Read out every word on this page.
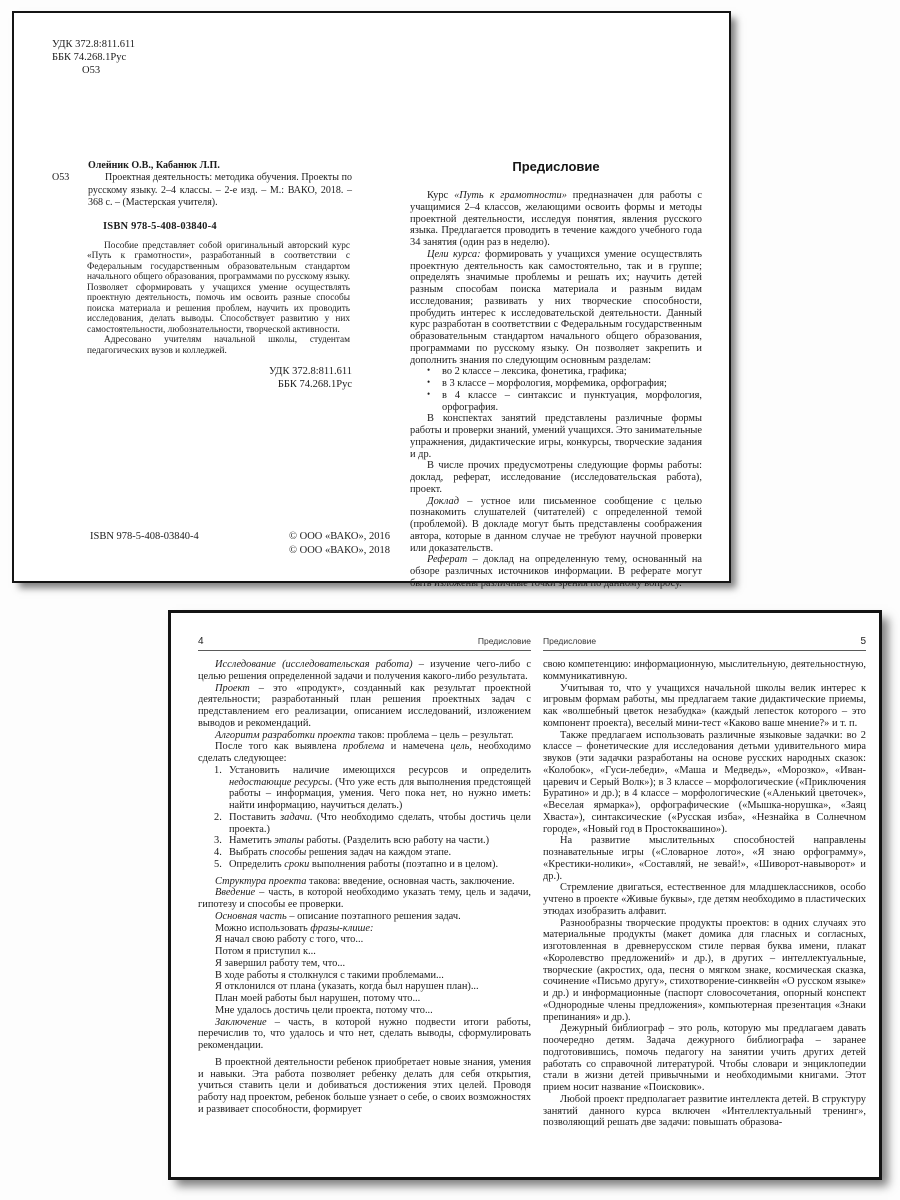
УДК 372.8:811.611
ББК 74.268.1Рус
О53
О53
Олейник О.В., Кабанюк Л.П.
Проектная деятельность: методика обучения. Проекты по русскому языку. 2–4 классы. – 2-е изд. – М.: ВАКО, 2018. – 368 с. – (Мастерская учителя).
ISBN 978-5-408-03840-4
Пособие представляет собой оригинальный авторский курс «Путь к грамотности», разработанный в соответствии с Федеральным государственным образовательным стандартом начального общего образования, программами по русскому языку. Позволяет сформировать у учащихся умение осуществлять проектную деятельность, помочь им освоить разные способы поиска материала и решения проблем, научить их проводить исследования, делать выводы. Способствует развитию у них самостоятельности, любознательности, творческой активности.
Адресовано учителям начальной школы, студентам педагогических вузов и колледжей.
УДК 372.8:811.611
ББК 74.268.1Рус
ISBN 978-5-408-03840-4	© ООО «ВАКО», 2016
© ООО «ВАКО», 2018
Предисловие
Курс «Путь к грамотности» предназначен для работы с учащимися 2–4 классов, желающими освоить формы и методы проектной деятельности, исследуя понятия, явления русского языка. Предлагается проводить в течение каждого учебного года 34 занятия (один раз в неделю).
Цели курса: формировать у учащихся умение осуществлять проектную деятельность как самостоятельно, так и в группе; определять значимые проблемы и решать их; научить детей разным способам поиска материала и разным видам исследования; развивать у них творческие способности, пробудить интерес к исследовательской деятельности. Данный курс разработан в соответствии с Федеральным государственным образовательным стандартом начального общего образования, программами по русскому языку. Он позволяет закрепить и дополнить знания по следующим основным разделам:
• во 2 классе – лексика, фонетика, графика;
• в 3 классе – морфология, морфемика, орфография;
• в 4 классе – синтаксис и пунктуация, морфология, орфография.
В конспектах занятий представлены различные формы работы и проверки знаний, умений учащихся. Это занимательные упражнения, дидактические игры, конкурсы, творческие задания и др.
В числе прочих предусмотрены следующие формы работы: доклад, реферат, исследование (исследовательская работа), проект.
Доклад – устное или письменное сообщение с целью познакомить слушателей (читателей) с определенной темой (проблемой). В докладе могут быть представлены соображения автора, которые в данном случае не требуют научной проверки или доказательств.
Реферат – доклад на определенную тему, основанный на обзоре различных источников информации. В реферате могут быть изложены различные точки зрения по данному вопросу.
4	Предисловие
Исследование (исследовательская работа) – изучение чего-либо с целью решения определенной задачи и получения какого-либо результата.
Проект – это «продукт», созданный как результат проектной деятельности; разработанный план решения проектных задач с представлением его реализации, описанием исследований, изложением выводов и рекомендаций.
Алгоритм разработки проекта таков: проблема – цель – результат.
После того как выявлена проблема и намечена цель, необходимо сделать следующее:
1. Установить наличие имеющихся ресурсов и определить недостающие ресурсы. (Что уже есть для выполнения предстоящей работы – информация, умения. Чего пока нет, но нужно иметь: найти информацию, научиться делать.)
2. Поставить задачи. (Что необходимо сделать, чтобы достичь цели проекта.)
3. Наметить этапы работы. (Разделить всю работу на части.)
4. Выбрать способы решения задач на каждом этапе.
5. Определить сроки выполнения работы (поэтапно и в целом).
Структура проекта такова: введение, основная часть, заключение.
Введение – часть, в которой необходимо указать тему, цель и задачи, гипотезу и способы ее проверки.
Основная часть – описание поэтапного решения задач.
Можно использовать фразы-клише:
Я начал свою работу с того, что...
Потом я приступил к...
Я завершил работу тем, что...
В ходе работы я столкнулся с такими проблемами...
Я отклонился от плана (указать, когда был нарушен план)...
План моей работы был нарушен, потому что...
Мне удалось достичь цели проекта, потому что...
Заключение – часть, в которой нужно подвести итоги работы, перечислив то, что удалось и что нет, сделать выводы, сформулировать рекомендации.
В проектной деятельности ребенок приобретает новые знания, умения и навыки. Эта работа позволяет ребенку делать для себя открытия, учиться ставить цели и добиваться достижения этих целей. Проводя работу над проектом, ребенок больше узнает о себе, о своих возможностях и развивает способности, формирует
Предисловие	5
свою компетенцию: информационную, мыслительную, деятельностную, коммуникативную.
Учитывая то, что у учащихся начальной школы велик интерес к игровым формам работы, мы предлагаем такие дидактические приемы, как «волшебный цветок незабудка» (каждый лепесток которого – это компонент проекта), веселый мини-тест «Каково ваше мнение?» и т. п.
Также предлагаем использовать различные языковые задачки: во 2 классе – фонетические для исследования детьми удивительного мира звуков (эти задачки разработаны на основе русских народных сказок: «Колобок», «Гуси-лебеди», «Маша и Медведь», «Морозко», «Иван-царевич и Серый Волк»); в 3 классе – морфологические («Приключения Буратино» и др.); в 4 классе – морфологические («Аленький цветочек», «Веселая ярмарка»), орфографические («Мышка-норушка», «Заяц Хваста»), синтаксические («Русская изба», «Незнайка в Солнечном городе», «Новый год в Простоквашино»).
На развитие мыслительных способностей направлены познавательные игры («Словарное лото», «Я знаю орфограмму», «Крестики-нолики», «Составляй, не зевай!», «Шиворот-навыворот» и др.).
Стремление двигаться, естественное для младшеклассников, особо учтено в проекте «Живые буквы», где детям необходимо в пластических этюдах изобразить алфавит.
Разнообразны творческие продукты проектов: в одних случаях это материальные продукты (макет домика для гласных и согласных, изготовленная в древнерусском стиле первая буква имени, плакат «Королевство предложений» и др.), в других – интеллектуальные, творческие (акростих, ода, песня о мягком знаке, космическая сказка, сочинение «Письмо другу», стихотворение-синквейн «О русском языке» и др.) и информационные (паспорт словосочетания, опорный конспект «Однородные члены предложения», компьютерная презентация «Знаки препинания» и др.).
Дежурный библиограф – это роль, которую мы предлагаем давать поочередно детям. Задача дежурного библиографа – заранее подготовившись, помочь педагогу на занятии учить других детей работать со справочной литературой. Чтобы словари и энциклопедии стали в жизни детей привычными и необходимыми книгами. Этот прием носит название «Поисковик».
Любой проект предполагает развитие интеллекта детей. В структуру занятий данного курса включен «Интеллектуальный тренинг», позволяющий решать две задачи: повышать образова-
